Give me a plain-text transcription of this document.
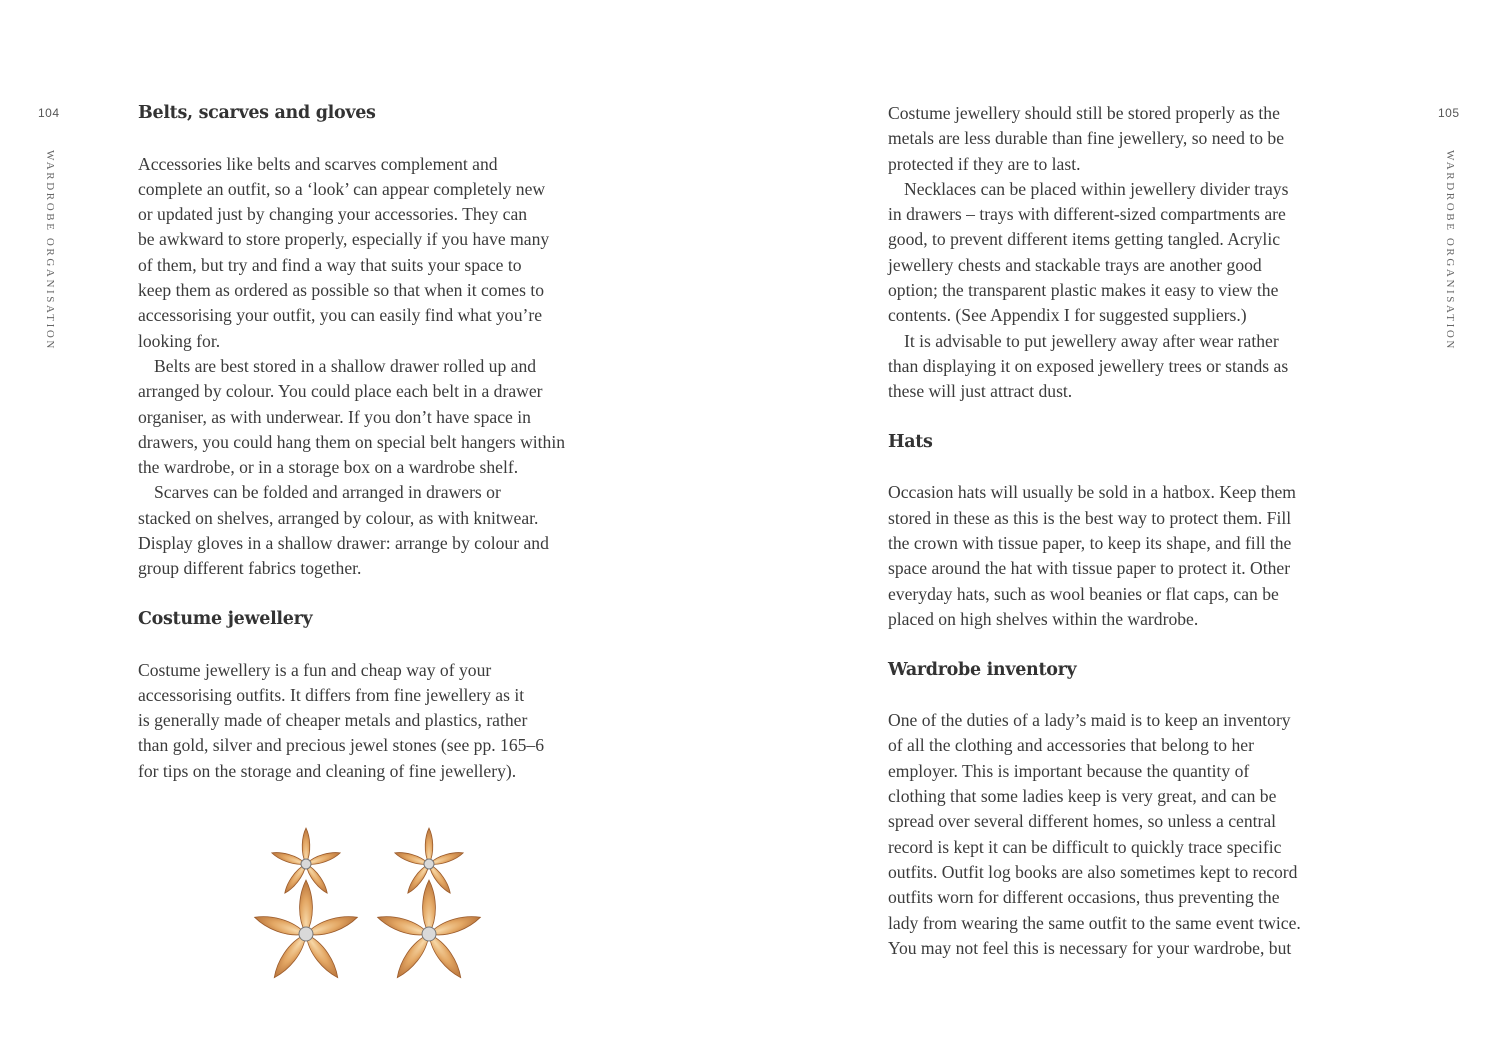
104
WARDROBE ORGANISATION
Belts, scarves and gloves

Accessories like belts and scarves complement and
complete an outfit, so a ‘look’ can appear completely new
or updated just by changing your accessories. They can
be awkward to store properly, especially if you have many
of them, but try and find a way that suits your space to
keep them as ordered as possible so that when it comes to
accessorising your outfit, you can easily find what you’re
looking for.

Belts are best stored in a shallow drawer rolled up and
arranged by colour. You could place each belt in a drawer
organiser, as with underwear. If you don’t have space in
drawers, you could hang them on special belt hangers within
the wardrobe, or in a storage box on a wardrobe shelf.

Scarves can be folded and arranged in drawers or
stacked on shelves, arranged by colour, as with knitwear.
Display gloves in a shallow drawer: arrange by colour and
group different fabrics together.

Costume jewellery

Costume jewellery is a fun and cheap way of your
accessorising outfits. It differs from fine jewellery as it
is generally made of cheaper metals and plastics, rather
than gold, silver and precious jewel stones (see pp. 165–6
for tips on the storage and cleaning of fine jewellery).

105
WARDROBE ORGANISATION

Costume jewellery should still be stored properly as the
metals are less durable than fine jewellery, so need to be
protected if they are to last.

Necklaces can be placed within jewellery divider trays
in drawers – trays with different-sized compartments are
good, to prevent different items getting tangled. Acrylic
jewellery chests and stackable trays are another good
option; the transparent plastic makes it easy to view the
contents. (See Appendix I for suggested suppliers.)

It is advisable to put jewellery away after wear rather
than displaying it on exposed jewellery trees or stands as
these will just attract dust.

Hats

Occasion hats will usually be sold in a hatbox. Keep them
stored in these as this is the best way to protect them. Fill
the crown with tissue paper, to keep its shape, and fill the
space around the hat with tissue paper to protect it. Other
everyday hats, such as wool beanies or flat caps, can be
placed on high shelves within the wardrobe.

Wardrobe inventory

One of the duties of a lady’s maid is to keep an inventory
of all the clothing and accessories that belong to her
employer. This is important because the quantity of
clothing that some ladies keep is very great, and can be
spread over several different homes, so unless a central
record is kept it can be difficult to quickly trace specific
outfits. Outfit log books are also sometimes kept to record
outfits worn for different occasions, thus preventing the
lady from wearing the same outfit to the same event twice.
You may not feel this is necessary for your wardrobe, but
